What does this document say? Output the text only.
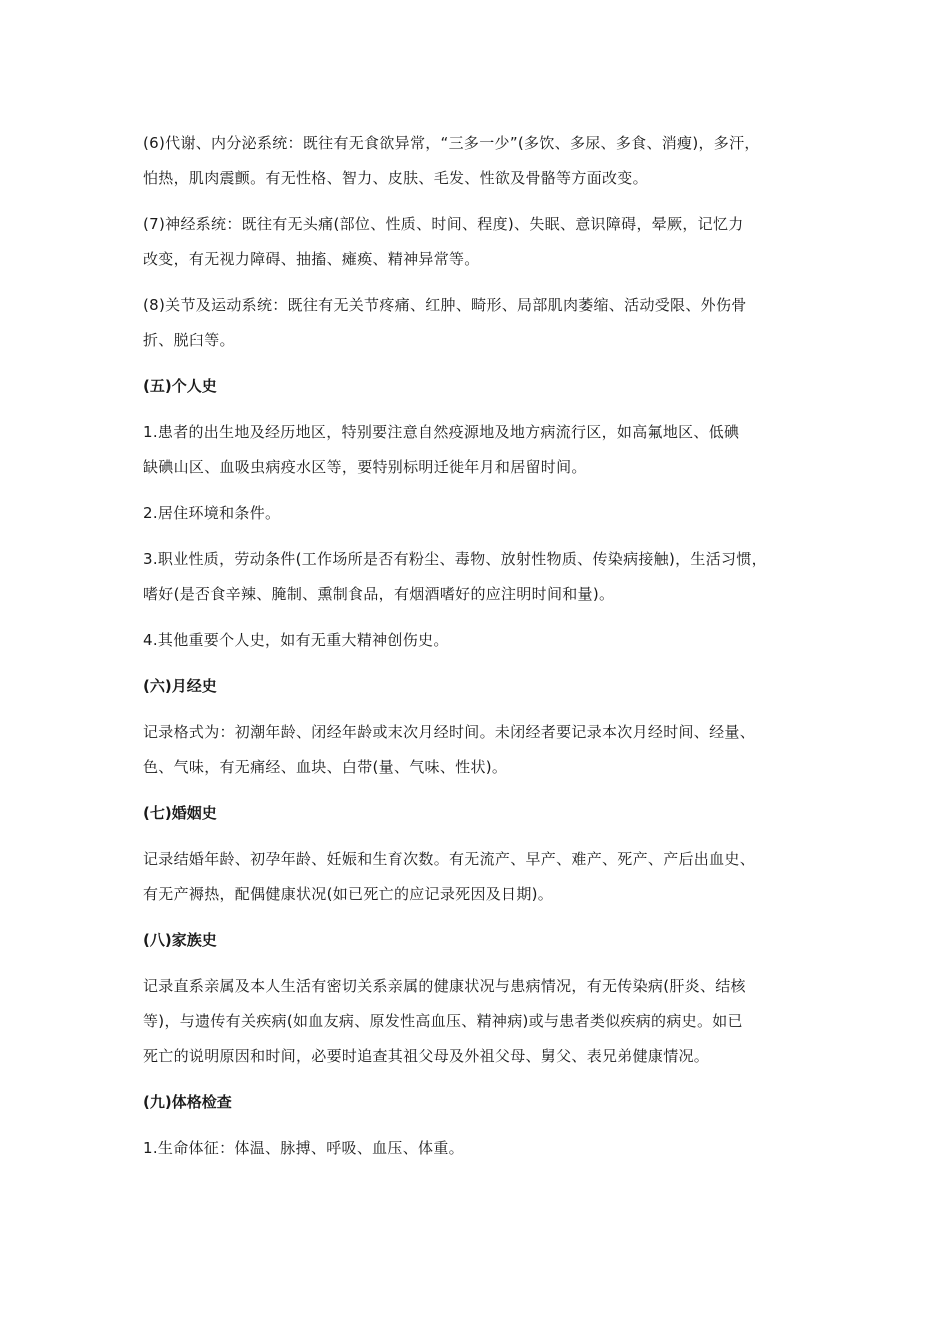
(6)代谢、内分泌系统：既往有无食欲异常，“三多一少”(多饮、多尿、多食、消瘦)，多汗，
怕热，肌肉震颤。有无性格、智力、皮肤、毛发、性欲及骨骼等方面改变。
(7)神经系统：既往有无头痛(部位、性质、时间、程度)、失眠、意识障碍，晕厥，记忆力
改变，有无视力障碍、抽搐、瘫痪、精神异常等。
(8)关节及运动系统：既往有无关节疼痛、红肿、畸形、局部肌肉萎缩、活动受限、外伤骨
折、脱臼等。
(五)个人史
1.患者的出生地及经历地区，特别要注意自然疫源地及地方病流行区，如高氟地区、低碘
缺碘山区、血吸虫病疫水区等，要特别标明迁徙年月和居留时间。
2.居住环境和条件。
3.职业性质，劳动条件(工作场所是否有粉尘、毒物、放射性物质、传染病接触)，生活习惯，
嗜好(是否食辛辣、腌制、熏制食品，有烟酒嗜好的应注明时间和量)。
4.其他重要个人史，如有无重大精神创伤史。
(六)月经史
记录格式为：初潮年龄、闭经年龄或末次月经时间。未闭经者要记录本次月经时间、经量、
色、气味，有无痛经、血块、白带(量、气味、性状)。
(七)婚姻史
记录结婚年龄、初孕年龄、妊娠和生育次数。有无流产、早产、难产、死产、产后出血史、
有无产褥热，配偶健康状况(如已死亡的应记录死因及日期)。
(八)家族史
记录直系亲属及本人生活有密切关系亲属的健康状况与患病情况，有无传染病(肝炎、结核
等)，与遗传有关疾病(如血友病、原发性高血压、精神病)或与患者类似疾病的病史。如已
死亡的说明原因和时间，必要时追查其祖父母及外祖父母、舅父、表兄弟健康情况。
(九)体格检查
1.生命体征：体温、脉搏、呼吸、血压、体重。
